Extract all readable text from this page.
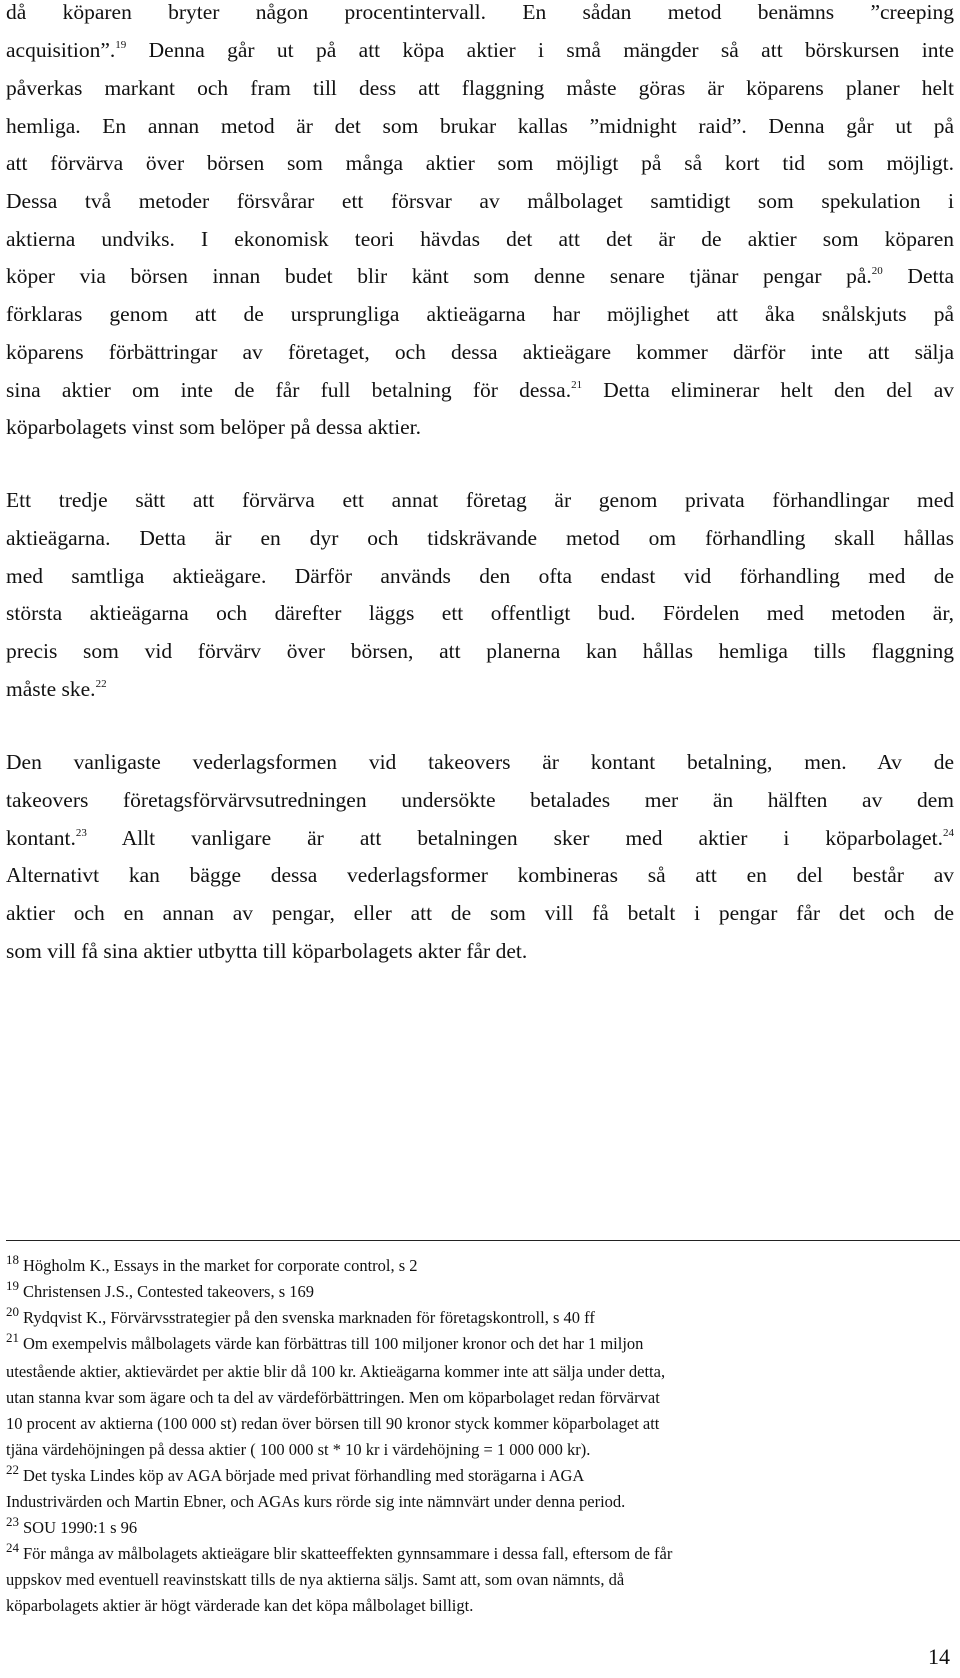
då köparen bryter någon procentintervall. En sådan metod benämns ”creeping
acquisition”.$^{19}$ Denna går ut på att köpa aktier i små mängder så att börskursen inte
påverkas markant och fram till dess att flaggning måste göras är köparens planer helt
hemliga. En annan metod är det som brukar kallas ”midnight raid”. Denna går ut på
att förvärva över börsen som många aktier som möjligt på så kort tid som möjligt.
Dessa två metoder försvårar ett försvar av målbolaget samtidigt som spekulation i
aktierna undviks. I ekonomisk teori hävdas det att det är de aktier som köparen
köper via börsen innan budet blir känt som denne senare tjänar pengar på.$^{20}$ Detta
förklaras genom att de ursprungliga aktieägarna har möjlighet att åka snålskjuts på
köparens förbättringar av företaget, och dessa aktieägare kommer därför inte att sälja
sina aktier om inte de får full betalning för dessa.$^{21}$ Detta eliminerar helt den del av
köparbolagets vinst som belöper på dessa aktier.
Ett tredje sätt att förvärva ett annat företag är genom privata förhandlingar med
aktieägarna. Detta är en dyr och tidskrävande metod om förhandling skall hållas
med samtliga aktieägare. Därför används den ofta endast vid förhandling med de
största aktieägarna och därefter läggs ett offentligt bud. Fördelen med metoden är,
precis som vid förvärv över börsen, att planerna kan hållas hemliga tills flaggning
måste ske.$^{22}$
Den vanligaste vederlagsformen vid takeovers är kontant betalning, men. Av de
takeovers företagsförvärvsutredningen undersökte betalades mer än hälften av dem
kontant.$^{23}$ Allt vanligare är att betalningen sker med aktier i köparbolaget.$^{24}$
Alternativt kan bägge dessa vederlagsformer kombineras så att en del består av
aktier och en annan av pengar, eller att de som vill få betalt i pengar får det och de
som vill få sina aktier utbytta till köparbolagets akter får det.
$^{18}$ Högholm K., Essays in the market for corporate control, s 2
$^{19}$ Christensen J.S., Contested takeovers, s 169
$^{20}$ Rydqvist K., Förvärvsstrategier på den svenska marknaden för företagskontroll, s 40 ff
$^{21}$ Om exempelvis målbolagets värde kan förbättras till 100 miljoner kronor och det har 1 miljon
utestående aktier, aktievärdet per aktie blir då 100 kr. Aktieägarna kommer inte att sälja under detta,
utan stanna kvar som ägare och ta del av värdeförbättringen. Men om köparbolaget redan förvärvat
10 procent av aktierna (100 000 st) redan över börsen till 90 kronor styck kommer köparbolaget att
tjäna värdehöjningen på dessa aktier ( 100 000 st * 10 kr i värdehöjning = 1 000 000 kr).
$^{22}$ Det tyska Lindes köp av AGA började med privat förhandling med storägarna i AGA
Industrivärden och Martin Ebner, och AGAs kurs rörde sig inte nämnvärt under denna period.
$^{23}$ SOU 1990:1 s 96
$^{24}$ För många av målbolagets aktieägare blir skatteeffekten gynnsammare i dessa fall, eftersom de får
uppskov med eventuell reavinstskatt tills de nya aktierna säljs. Samt att, som ovan nämnts, då
köparbolagets aktier är högt värderade kan det köpa målbolaget billigt.
14
